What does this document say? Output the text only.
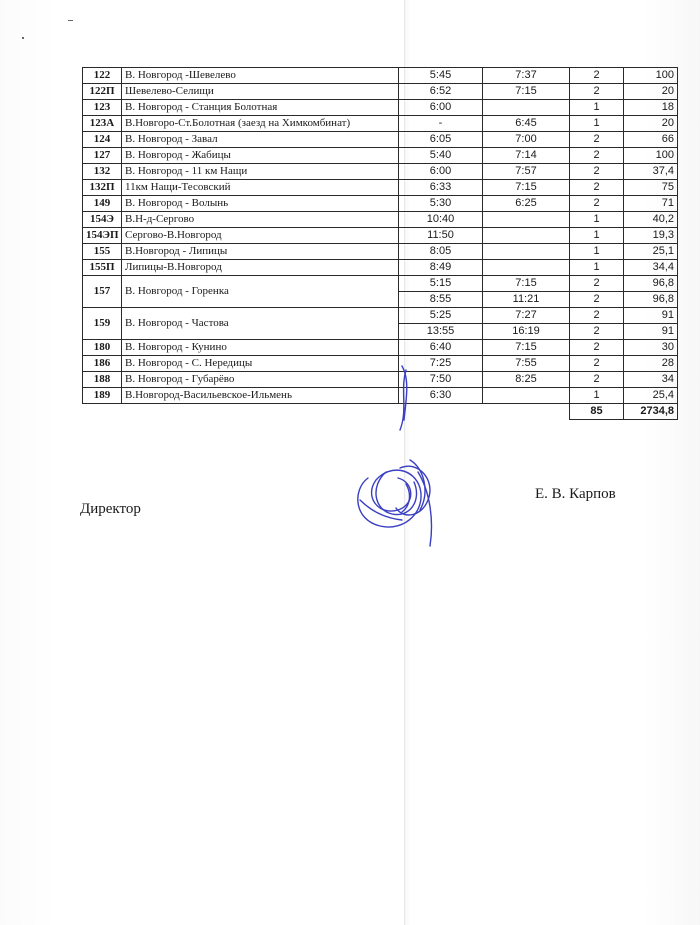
122	В. Новгород -Шевелево	5:45	7:37	2	100
122П	Шевелево-Селищи	6:52	7:15	2	20
123	В. Новгород - Станция Болотная	6:00		1	18
123А	В.Новгоро-Ст.Болотная (заезд на Химкомбинат)	-	6:45	1	20
124	В. Новгород - Завал	6:05	7:00	2	66
127	В. Новгород - Жабицы	5:40	7:14	2	100
132	В. Новгород - 11 км Нащи	6:00	7:57	2	37,4
132П	11км Нащи-Тесовский	6:33	7:15	2	75
149	В. Новгород - Волынь	5:30	6:25	2	71
154Э	В.Н-д-Сергово	10:40		1	40,2
154ЭП	Сергово-В.Новгород	11:50		1	19,3
155	В.Новгород - Липицы	8:05		1	25,1
155П	Липицы-В.Новгород	8:49		1	34,4
157	В. Новгород - Горенка	5:15	7:15	2	96,8
		8:55	11:21	2	96,8
159	В. Новгород - Частова	5:25	7:27	2	91
		13:55	16:19	2	91
180	В. Новгород - Кунино	6:40	7:15	2	30
186	В. Новгород - С. Нередицы	7:25	7:55	2	28
188	В. Новгород - Губарёво	7:50	8:25	2	34
189	В.Новгород-Васильевское-Ильмень	6:30		1	25,4
				85	2734,8
Директор
Е. В. Карпов
